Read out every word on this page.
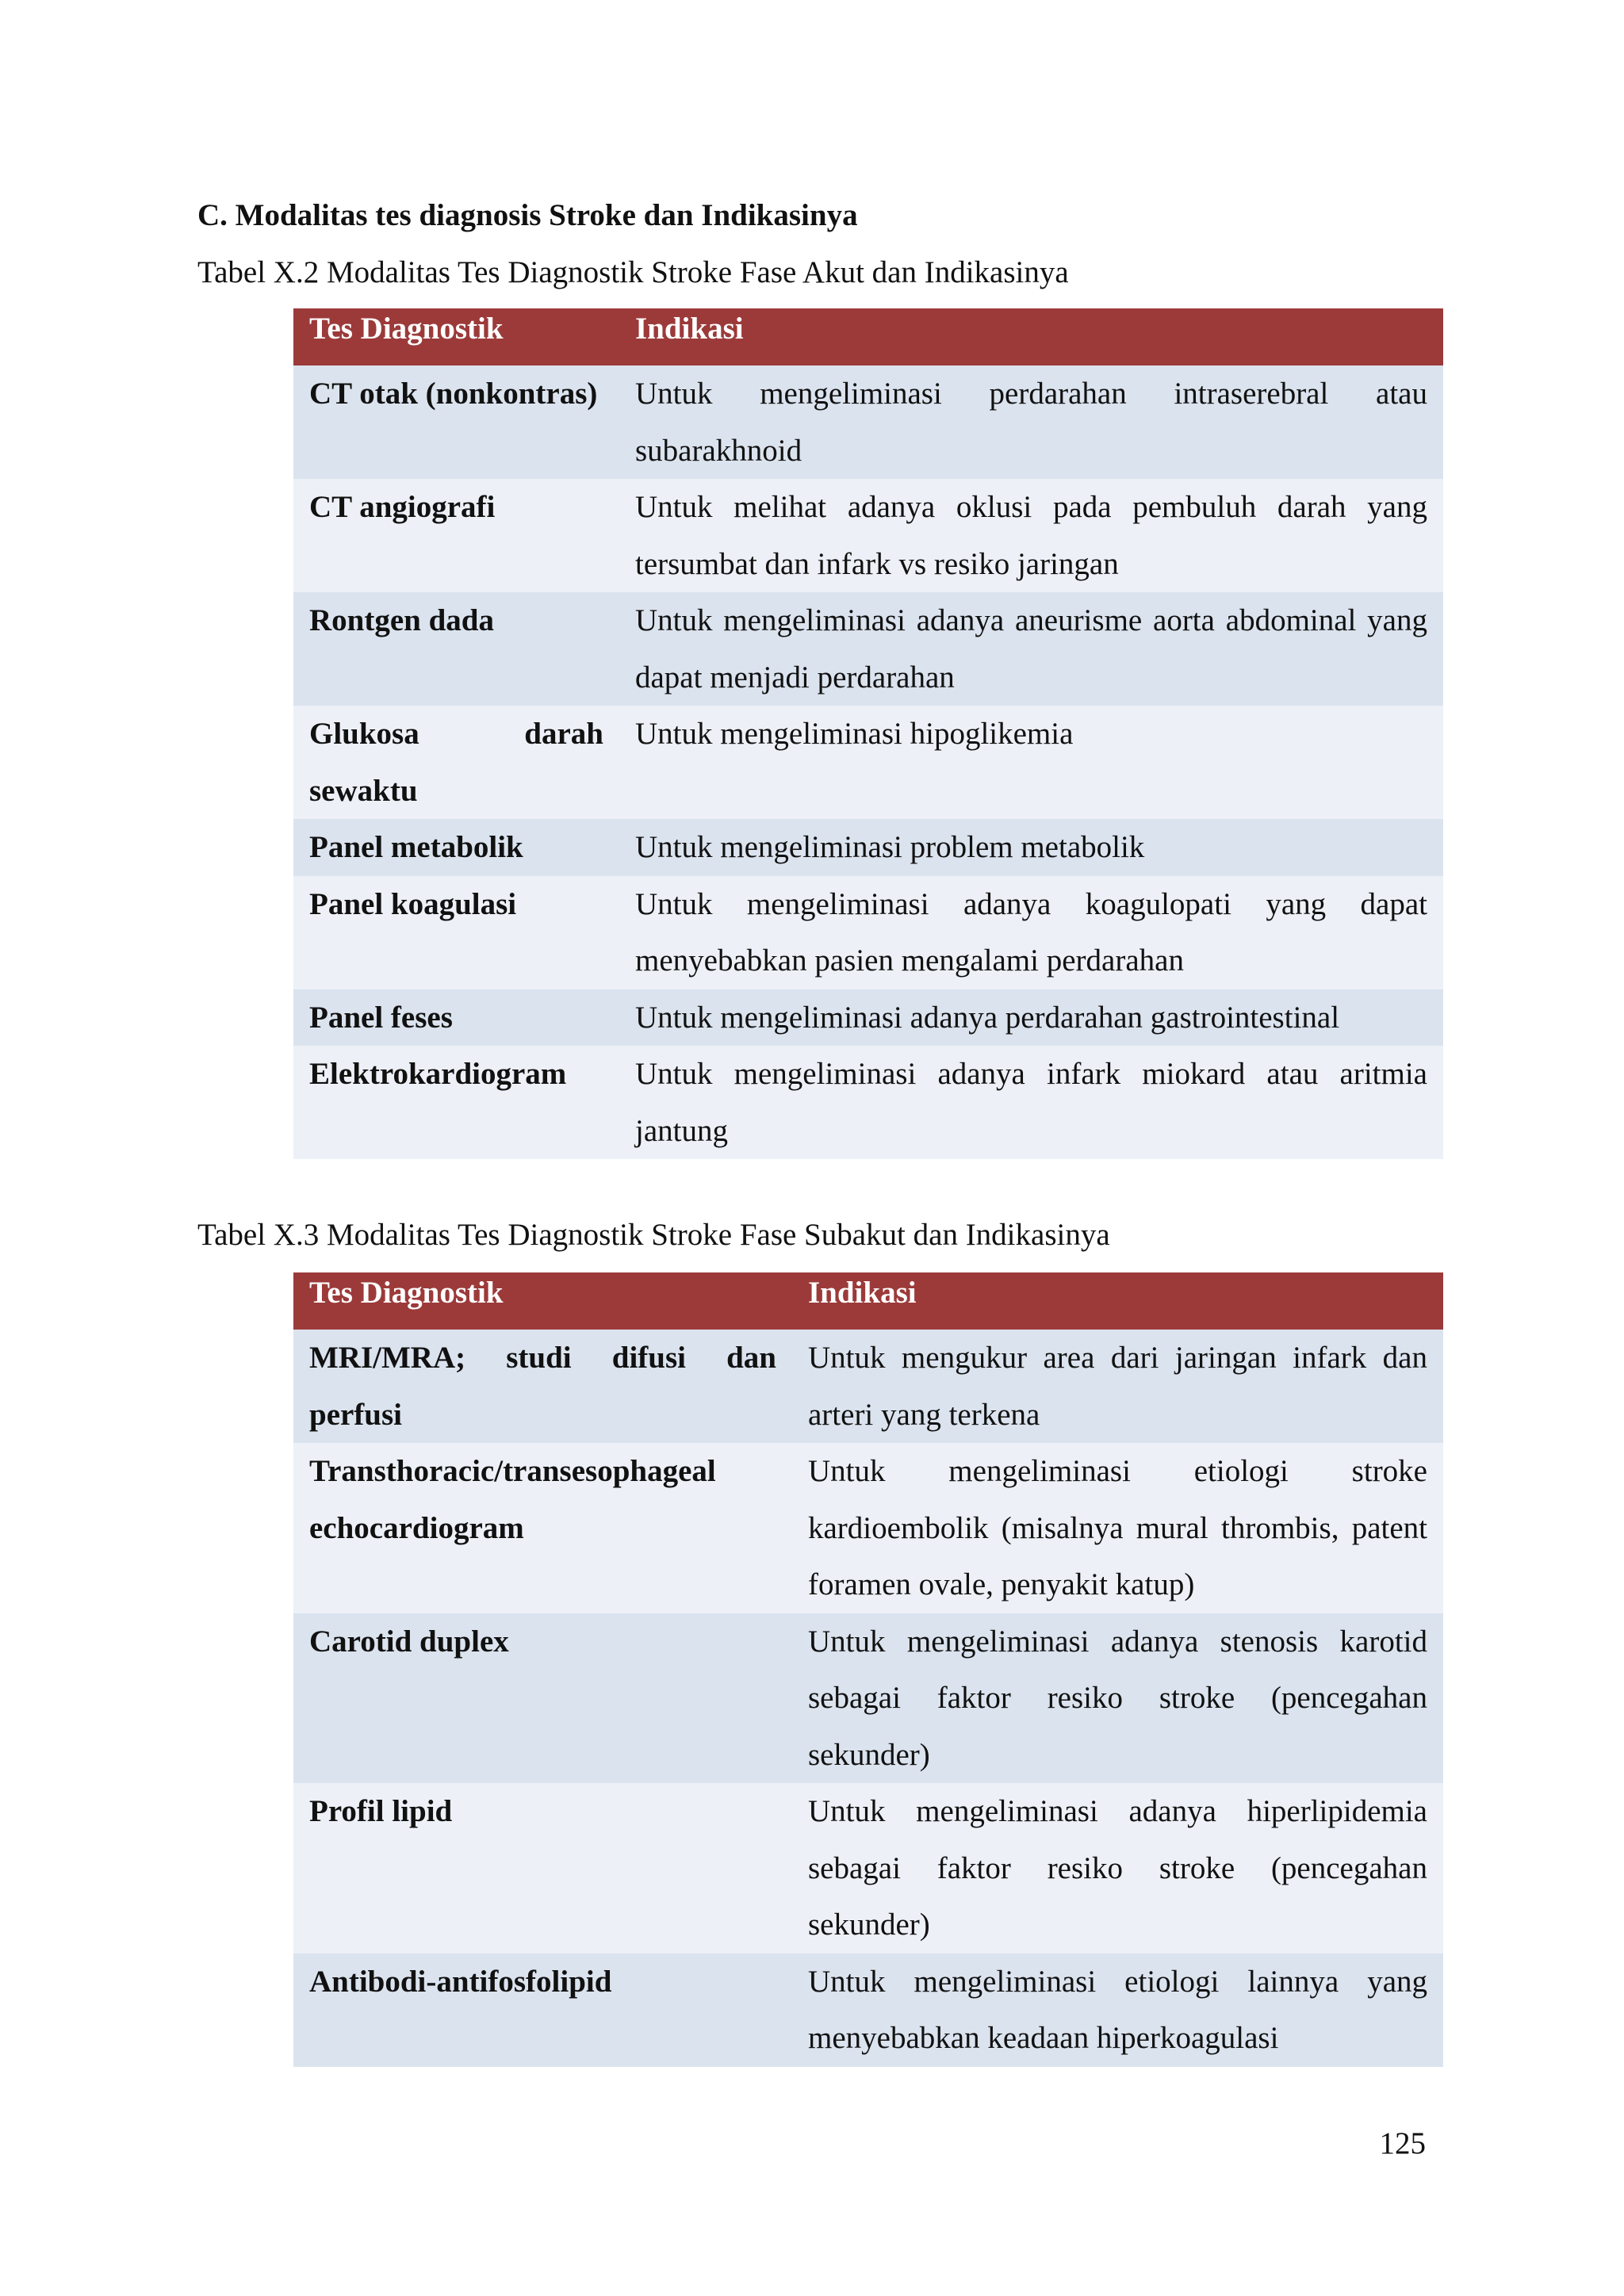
C. Modalitas tes diagnosis Stroke dan Indikasinya

Tabel X.2 Modalitas Tes Diagnostik Stroke Fase Akut dan Indikasinya

Tes Diagnostik	Indikasi
CT otak (nonkontras)	Untuk mengeliminasi perdarahan intraserebral atau subarakhnoid
CT angiografi	Untuk melihat adanya oklusi pada pembuluh darah yang tersumbat dan infark vs resiko jaringan
Rontgen dada	Untuk mengeliminasi adanya aneurisme aorta abdominal yang dapat menjadi perdarahan
Glukosa darah sewaktu	Untuk mengeliminasi hipoglikemia
Panel metabolik	Untuk mengeliminasi problem metabolik
Panel koagulasi	Untuk mengeliminasi adanya koagulopati yang dapat menyebabkan pasien mengalami perdarahan
Panel feses	Untuk mengeliminasi adanya perdarahan gastrointestinal
Elektrokardiogram	Untuk mengeliminasi adanya infark miokard atau aritmia jantung

Tabel X.3 Modalitas Tes Diagnostik Stroke Fase Subakut dan Indikasinya

Tes Diagnostik	Indikasi
MRI/MRA; studi difusi dan perfusi	Untuk mengukur area dari jaringan infark dan arteri yang terkena
Transthoracic/transesophageal echocardiogram	Untuk mengeliminasi etiologi stroke kardioembolik (misalnya mural thrombis, patent foramen ovale, penyakit katup)
Carotid duplex	Untuk mengeliminasi adanya stenosis karotid sebagai faktor resiko stroke (pencegahan sekunder)
Profil lipid	Untuk mengeliminasi adanya hiperlipidemia sebagai faktor resiko stroke (pencegahan sekunder)
Antibodi-antifosfolipid	Untuk mengeliminasi etiologi lainnya yang menyebabkan keadaan hiperkoagulasi
125
